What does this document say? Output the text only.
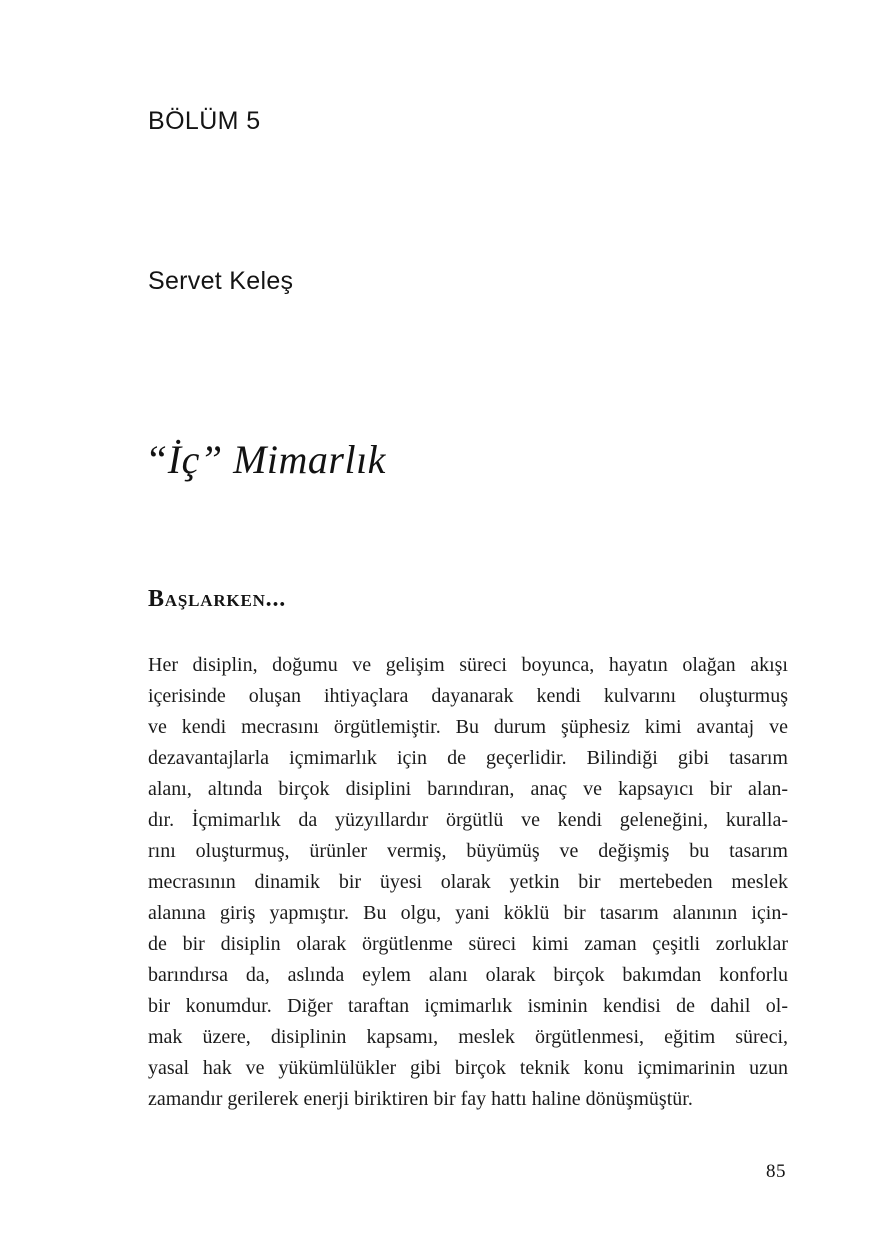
BÖLÜM 5
Servet Keleş
“İç” Mimarlık
Başlarken...
Her disiplin, doğumu ve gelişim süreci boyunca, hayatın olağan akışı
içerisinde oluşan ihtiyaçlara dayanarak kendi kulvarını oluşturmuş
ve kendi mecrasını örgütlemiştir. Bu durum şüphesiz kimi avantaj ve
dezavantajlarla içmimarlık için de geçerlidir. Bilindiği gibi tasarım
alanı, altında birçok disiplini barındıran, anaç ve kapsayıcı bir alan-
dır. İçmimarlık da yüzyıllardır örgütlü ve kendi geleneğini, kuralla-
rını oluşturmuş, ürünler vermiş, büyümüş ve değişmiş bu tasarım
mecrasının dinamik bir üyesi olarak yetkin bir mertebeden meslek
alanına giriş yapmıştır. Bu olgu, yani köklü bir tasarım alanının için-
de bir disiplin olarak örgütlenme süreci kimi zaman çeşitli zorluklar
barındırsa da, aslında eylem alanı olarak birçok bakımdan konforlu
bir konumdur. Diğer taraftan içmimarlık isminin kendisi de dahil ol-
mak üzere, disiplinin kapsamı, meslek örgütlenmesi, eğitim süreci,
yasal hak ve yükümlülükler gibi birçok teknik konu içmimarinin uzun
zamandır gerilerek enerji biriktiren bir fay hattı haline dönüşmüştür.
85
